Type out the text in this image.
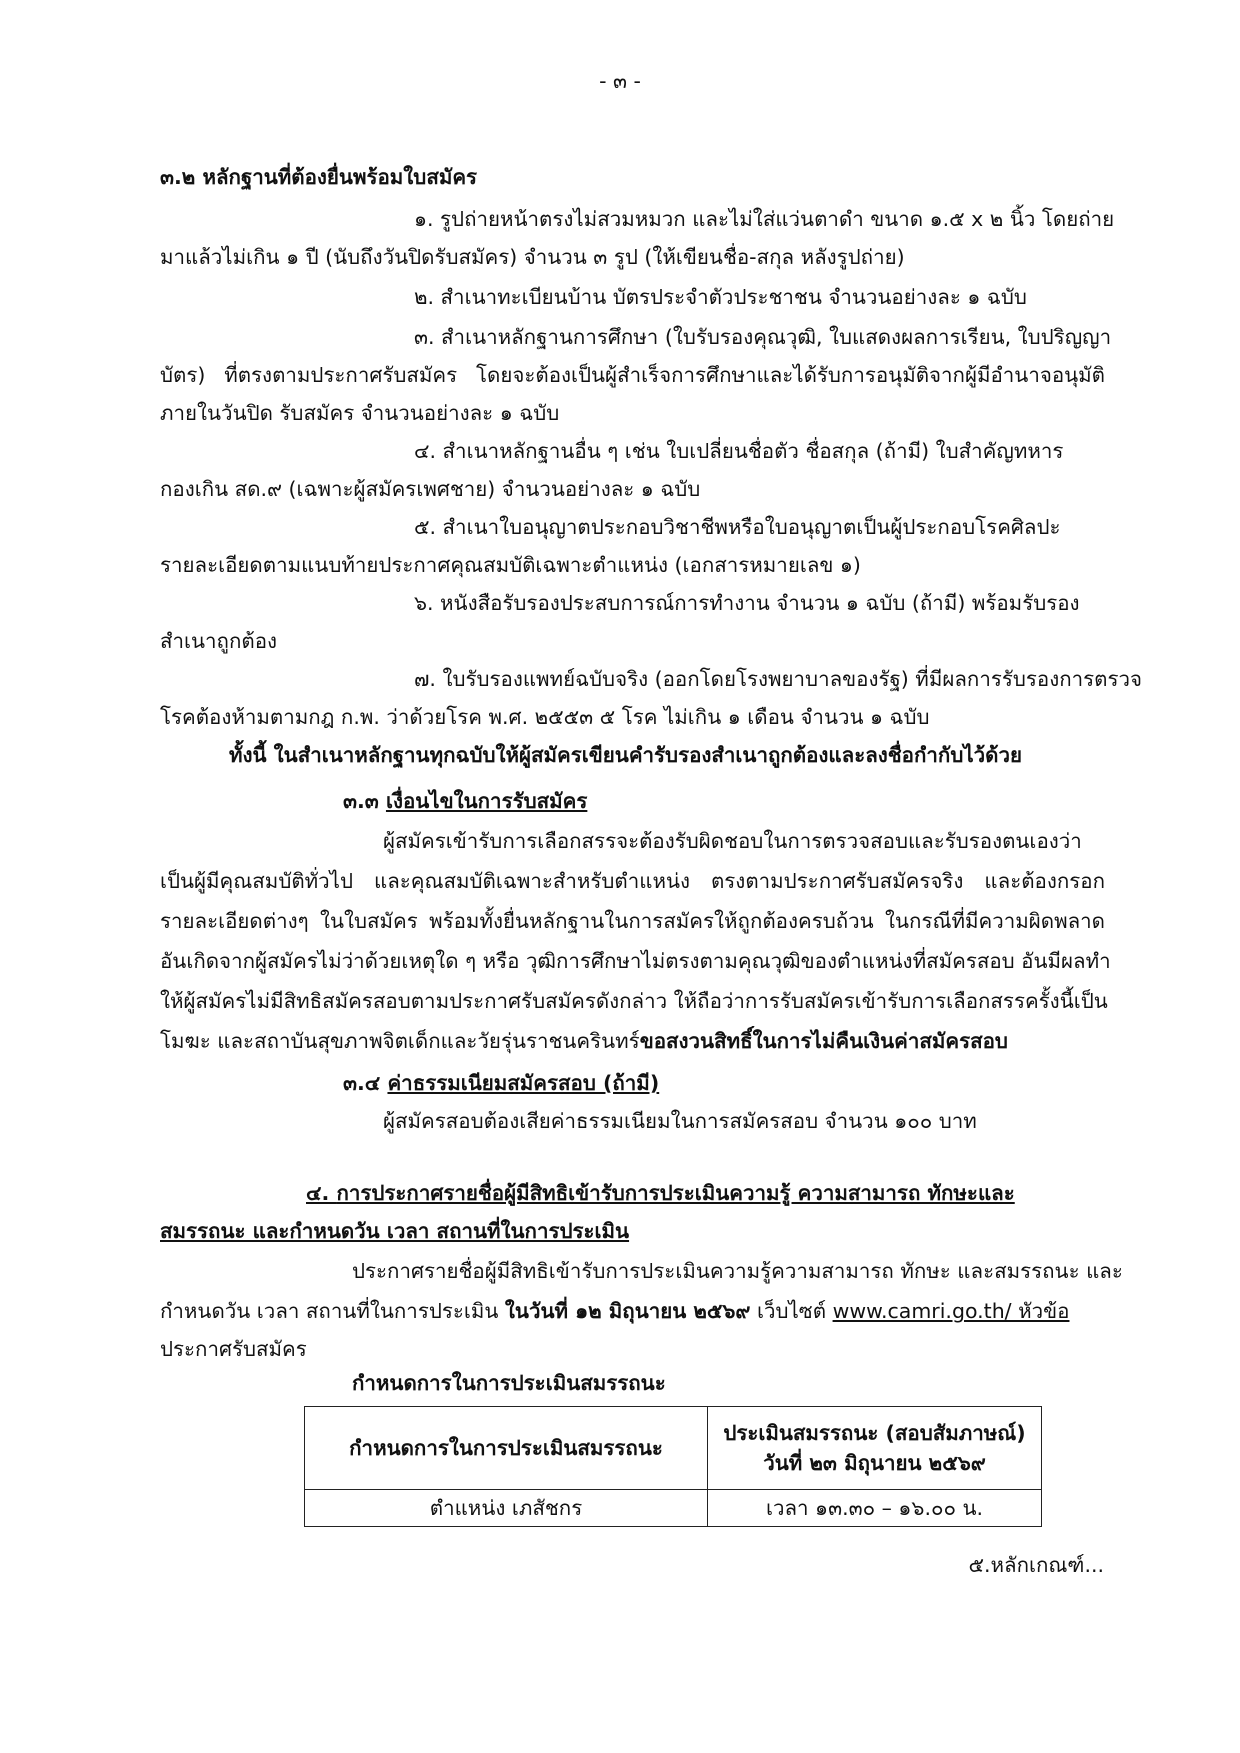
- ๓ -
๓.๒ หลักฐานที่ต้องยื่นพร้อมใบสมัคร
๑. รูปถ่ายหน้าตรงไม่สวมหมวก และไม่ใส่แว่นตาดำ ขนาด ๑.๕ x ๒ นิ้ว โดยถ่าย
มาแล้วไม่เกิน ๑ ปี (นับถึงวันปิดรับสมัคร) จำนวน ๓ รูป (ให้เขียนชื่อ-สกุล หลังรูปถ่าย)
๒. สำเนาทะเบียนบ้าน บัตรประจำตัวประชาชน จำนวนอย่างละ ๑ ฉบับ
๓. สำเนาหลักฐานการศึกษา (ใบรับรองคุณวุฒิ, ใบแสดงผลการเรียน, ใบปริญญา
บัตร) ที่ตรงตามประกาศรับสมัคร โดยจะต้องเป็นผู้สำเร็จการศึกษาและได้รับการอนุมัติจากผู้มีอำนาจอนุมัติ
ภายในวันปิด รับสมัคร จำนวนอย่างละ ๑ ฉบับ
๔. สำเนาหลักฐานอื่น ๆ เช่น ใบเปลี่ยนชื่อตัว ชื่อสกุล (ถ้ามี) ใบสำคัญทหาร
กองเกิน สด.๙ (เฉพาะผู้สมัครเพศชาย) จำนวนอย่างละ ๑ ฉบับ
๕. สำเนาใบอนุญาตประกอบวิชาชีพหรือใบอนุญาตเป็นผู้ประกอบโรคศิลปะ
รายละเอียดตามแนบท้ายประกาศคุณสมบัติเฉพาะตำแหน่ง (เอกสารหมายเลข ๑)
๖. หนังสือรับรองประสบการณ์การทำงาน จำนวน ๑ ฉบับ (ถ้ามี) พร้อมรับรอง
สำเนาถูกต้อง
๗. ใบรับรองแพทย์ฉบับจริง (ออกโดยโรงพยาบาลของรัฐ) ที่มีผลการรับรองการตรวจ
โรคต้องห้ามตามกฎ ก.พ. ว่าด้วยโรค พ.ศ. ๒๕๕๓ ๕ โรค ไม่เกิน ๑ เดือน จำนวน ๑ ฉบับ
ทั้งนี้ ในสำเนาหลักฐานทุกฉบับให้ผู้สมัครเขียนคำรับรองสำเนาถูกต้องและลงชื่อกำกับไว้ด้วย
๓.๓ เงื่อนไขในการรับสมัคร
ผู้สมัครเข้ารับการเลือกสรรจะต้องรับผิดชอบในการตรวจสอบและรับรองตนเองว่า
เป็นผู้มีคุณสมบัติทั่วไป และคุณสมบัติเฉพาะสำหรับตำแหน่ง ตรงตามประกาศรับสมัครจริง และต้องกรอก
รายละเอียดต่างๆ ในใบสมัคร พร้อมทั้งยื่นหลักฐานในการสมัครให้ถูกต้องครบถ้วน ในกรณีที่มีความผิดพลาด
อันเกิดจากผู้สมัครไม่ว่าด้วยเหตุใด ๆ หรือ วุฒิการศึกษาไม่ตรงตามคุณวุฒิของตำแหน่งที่สมัครสอบ อันมีผลทำ
ให้ผู้สมัครไม่มีสิทธิสมัครสอบตามประกาศรับสมัครดังกล่าว ให้ถือว่าการรับสมัครเข้ารับการเลือกสรรครั้งนี้เป็น
โมฆะ และสถาบันสุขภาพจิตเด็กและวัยรุ่นราชนครินทร์ขอสงวนสิทธิ์ในการไม่คืนเงินค่าสมัครสอบ
๓.๔ ค่าธรรมเนียมสมัครสอบ (ถ้ามี)
ผู้สมัครสอบต้องเสียค่าธรรมเนียมในการสมัครสอบ จำนวน ๑๐๐ บาท
๔. การประกาศรายชื่อผู้มีสิทธิเข้ารับการประเมินความรู้ ความสามารถ ทักษะและ
สมรรถนะ และกำหนดวัน เวลา สถานที่ในการประเมิน
ประกาศรายชื่อผู้มีสิทธิเข้ารับการประเมินความรู้ความสามารถ ทักษะ และสมรรถนะ และ
กำหนดวัน เวลา สถานที่ในการประเมิน ในวันที่ ๑๒ มิถุนายน ๒๕๖๙ เว็บไซต์ www.camri.go.th/ หัวข้อ
ประกาศรับสมัคร
กำหนดการในการประเมินสมรรถนะ
กำหนดการในการประเมินสมรรถนะ	ประเมินสมรรถนะ (สอบสัมภาษณ์)
วันที่ ๒๓ มิถุนายน ๒๕๖๙

ตำแหน่ง เภสัชกร	เวลา ๑๓.๓๐ – ๑๖.๐๐ น.
๕.หลักเกณฑ์...
